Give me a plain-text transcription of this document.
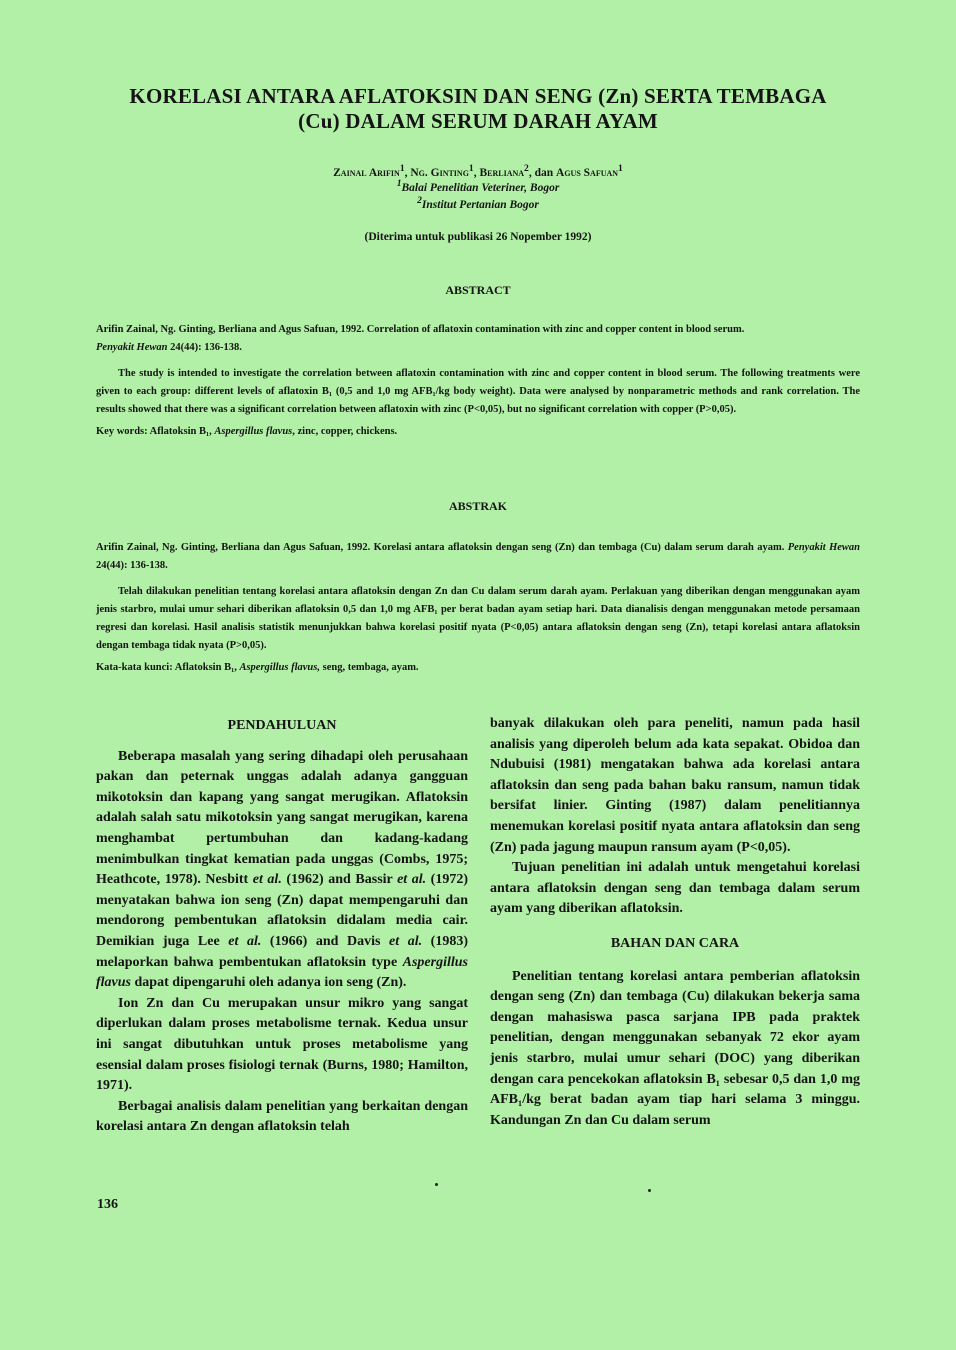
KORELASI ANTARA AFLATOKSIN DAN SENG (Zn) SERTA TEMBAGA
(Cu) DALAM SERUM DARAH AYAM
Zainal Arifin$^1$, Ng. Ginting$^1$, Berliana$^2$, dan Agus Safuan$^1$
$^1$Balai Penelitian Veteriner, Bogor
$^2$Institut Pertanian Bogor
(Diterima untuk publikasi 26 Nopember 1992)
ABSTRACT

Arifin Zainal, Ng. Ginting, Berliana and Agus Safuan, 1992. Correlation of aflatoxin contamination with zinc and copper content in blood serum.
Penyakit Hewan 24(44): 136-138.

The study is intended to investigate the correlation between aflatoxin contamination with zinc and copper content in blood serum. The following treatments were given to each group: different levels of aflatoxin B₁ (0,5 and 1,0 mg AFB₁/kg body weight). Data were analysed by nonparametric methods and rank correlation. The results showed that there was a significant correlation between aflatoxin with zinc (P<0,05), but no significant correlation with copper (P>0,05).

Key words: Aflatoksin B₁, Aspergillus flavus, zinc, copper, chickens.

ABSTRAK

Arifin Zainal, Ng. Ginting, Berliana dan Agus Safuan, 1992. Korelasi antara aflatoksin dengan seng (Zn) dan tembaga (Cu) dalam serum darah ayam. Penyakit Hewan 24(44): 136-138.

Telah dilakukan penelitian tentang korelasi antara aflatoksin dengan Zn dan Cu dalam serum darah ayam. Perlakuan yang diberikan dengan menggunakan ayam jenis starbro, mulai umur sehari diberikan aflatoksin 0,5 dan 1,0 mg AFB₁ per berat badan ayam setiap hari. Data dianalisis dengan menggunakan metode persamaan regresi dan korelasi. Hasil analisis statistik menunjukkan bahwa korelasi positif nyata (P<0,05) antara aflatoksin dengan seng (Zn), tetapi korelasi antara aflatoksin dengan tembaga tidak nyata (P>0,05).

Kata-kata kunci: Aflatoksin B₁, Aspergillus flavus, seng, tembaga, ayam.

PENDAHULUAN

Beberapa masalah yang sering dihadapi oleh perusahaan pakan dan peternak unggas adalah adanya gangguan mikotoksin dan kapang yang sangat merugikan. Aflatoksin adalah salah satu mikotoksin yang sangat merugikan, karena menghambat pertumbuhan dan kadang-kadang menimbulkan tingkat kematian pada unggas (Combs, 1975; Heathcote, 1978). Nesbitt et al. (1962) and Bassir et al. (1972) menyatakan bahwa ion seng (Zn) dapat mempengaruhi dan mendorong pembentukan aflatoksin didalam media cair. Demikian juga Lee et al. (1966) and Davis et al. (1983) melaporkan bahwa pembentukan aflatoksin type Aspergillus flavus dapat dipengaruhi oleh adanya ion seng (Zn).

Ion Zn dan Cu merupakan unsur mikro yang sangat diperlukan dalam proses metabolisme ternak. Kedua unsur ini sangat dibutuhkan untuk proses metabolisme yang esensial dalam proses fisiologi ternak (Burns, 1980; Hamilton, 1971).

Berbagai analisis dalam penelitian yang berkaitan dengan korelasi antara Zn dengan aflatoksin telah

banyak dilakukan oleh para peneliti, namun pada hasil analisis yang diperoleh belum ada kata sepakat. Obidoa dan Ndubuisi (1981) mengatakan bahwa ada korelasi antara aflatoksin dan seng pada bahan baku ransum, namun tidak bersifat linier. Ginting (1987) dalam penelitiannya menemukan korelasi positif nyata antara aflatoksin dan seng (Zn) pada jagung maupun ransum ayam (P<0,05).

Tujuan penelitian ini adalah untuk mengetahui korelasi antara aflatoksin dengan seng dan tembaga dalam serum ayam yang diberikan aflatoksin.

BAHAN DAN CARA

Penelitian tentang korelasi antara pemberian aflatoksin dengan seng (Zn) dan tembaga (Cu) dilakukan bekerja sama dengan mahasiswa pasca sarjana IPB pada praktek penelitian, dengan menggunakan sebanyak 72 ekor ayam jenis starbro, mulai umur sehari (DOC) yang diberikan dengan cara pencekokan aflatoksin B₁ sebesar 0,5 dan 1,0 mg AFB₁/kg berat badan ayam tiap hari selama 3 minggu. Kandungan Zn dan Cu dalam serum

136
